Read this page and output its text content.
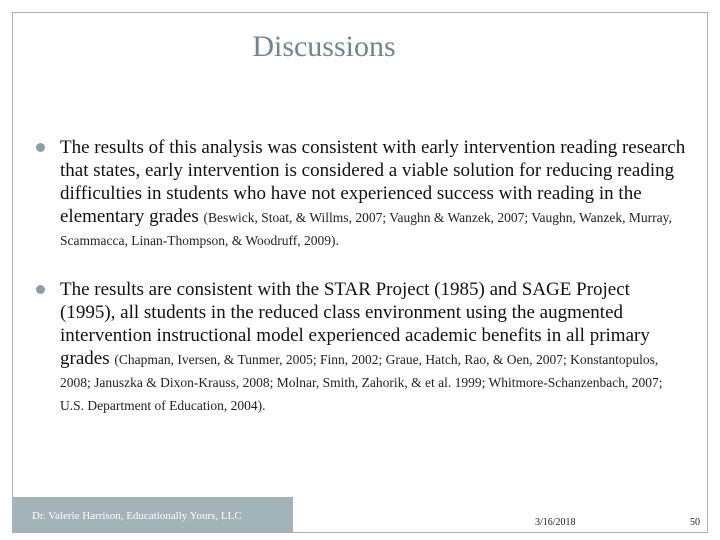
Discussions
The results of this analysis was consistent with early intervention reading research that states, early intervention is considered a viable solution for reducing reading difficulties in students who have not experienced success with reading in the elementary grades (Beswick, Stoat, & Willms, 2007; Vaughn & Wanzek, 2007; Vaughn, Wanzek, Murray, Scammacca, Linan-Thompson, & Woodruff, 2009).
The results are consistent with the STAR Project (1985) and SAGE Project (1995), all students in the reduced class environment using the augmented intervention instructional model experienced academic benefits in all primary grades (Chapman, Iversen, & Tunmer, 2005; Finn, 2002; Graue, Hatch, Rao, & Oen, 2007; Konstantopulos, 2008; Januszka & Dixon-Krauss, 2008; Molnar, Smith, Zahorik, & et al. 1999; Whitmore-Schanzenbach, 2007; U.S. Department of Education, 2004).
Dr. Valerie Harrison, Educationally Yours, LLC
3/16/2018	50
